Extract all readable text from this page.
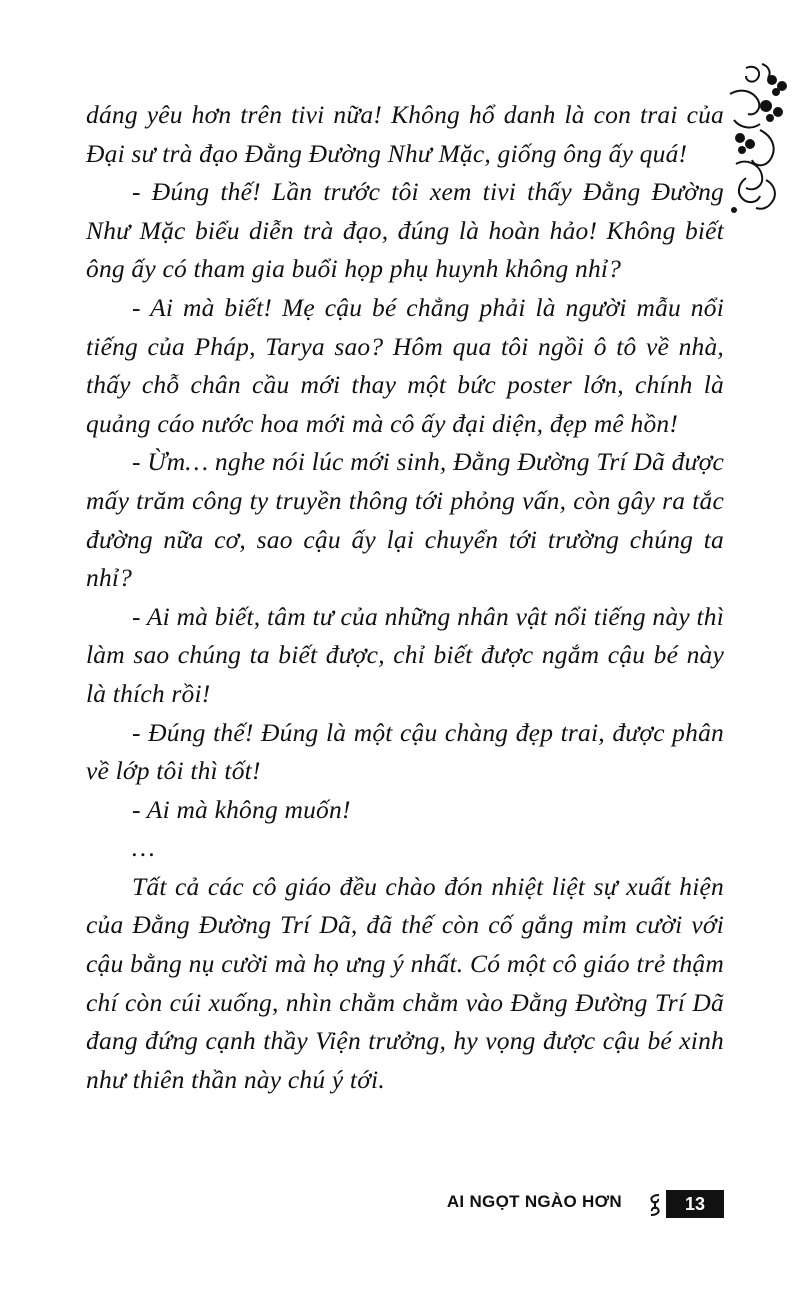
dáng yêu hơn trên tivi nữa! Không hổ danh là con trai của Đại sư trà đạo Đằng Đường Như Mặc, giống ông ấy quá!

- Đúng thế! Lần trước tôi xem tivi thấy Đằng Đường Như Mặc biểu diễn trà đạo, đúng là hoàn hảo! Không biết ông ấy có tham gia buổi họp phụ huynh không nhỉ?

- Ai mà biết! Mẹ cậu bé chẳng phải là người mẫu nổi tiếng của Pháp, Tarya sao? Hôm qua tôi ngồi ô tô về nhà, thấy chỗ chân cầu mới thay một bức poster lớn, chính là quảng cáo nước hoa mới mà cô ấy đại diện, đẹp mê hồn!

- Ừm… nghe nói lúc mới sinh, Đằng Đường Trí Dã được mấy trăm công ty truyền thông tới phỏng vấn, còn gây ra tắc đường nữa cơ, sao cậu ấy lại chuyển tới trường chúng ta nhỉ?

- Ai mà biết, tâm tư của những nhân vật nổi tiếng này thì làm sao chúng ta biết được, chỉ biết được ngắm cậu bé này là thích rồi!

- Đúng thế! Đúng là một cậu chàng đẹp trai, được phân về lớp tôi thì tốt!

- Ai mà không muốn!

…

Tất cả các cô giáo đều chào đón nhiệt liệt sự xuất hiện của Đằng Đường Trí Dã, đã thế còn cố gắng mỉm cười với cậu bằng nụ cười mà họ ưng ý nhất. Có một cô giáo trẻ thậm chí còn cúi xuống, nhìn chằm chằm vào Đằng Đường Trí Dã đang đứng cạnh thầy Viện trưởng, hy vọng được cậu bé xinh như thiên thần này chú ý tới.

AI NGỌT NGÀO HƠN	13
